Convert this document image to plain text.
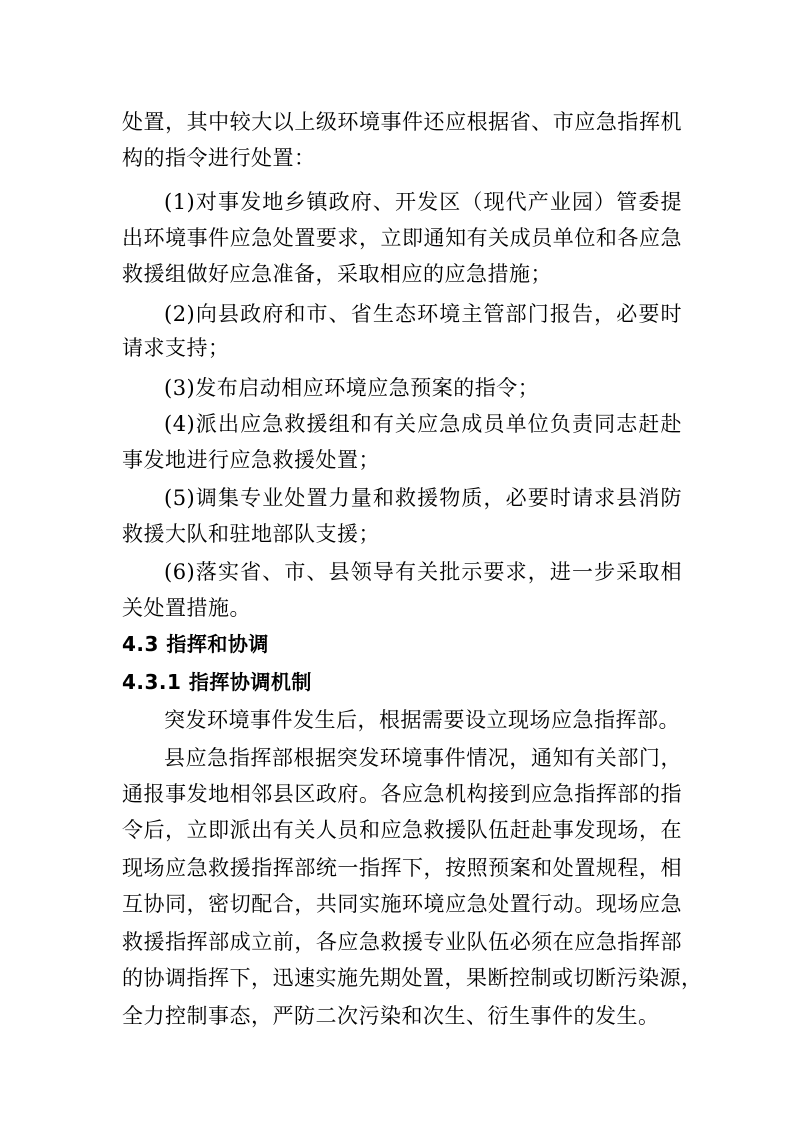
处置，其中较大以上级环境事件还应根据省、市应急指挥机
构的指令进行处置：
(1)对事发地乡镇政府、开发区（现代产业园）管委提
出环境事件应急处置要求，立即通知有关成员单位和各应急
救援组做好应急准备，采取相应的应急措施；
(2)向县政府和市、省生态环境主管部门报告，必要时
请求支持；
(3)发布启动相应环境应急预案的指令；
(4)派出应急救援组和有关应急成员单位负责同志赶赴
事发地进行应急救援处置；
(5)调集专业处置力量和救援物质，必要时请求县消防
救援大队和驻地部队支援；
(6)落实省、市、县领导有关批示要求，进一步采取相
关处置措施。
4.3 指挥和协调
4.3.1 指挥协调机制
突发环境事件发生后，根据需要设立现场应急指挥部。
县应急指挥部根据突发环境事件情况，通知有关部门，
通报事发地相邻县区政府。各应急机构接到应急指挥部的指
令后，立即派出有关人员和应急救援队伍赶赴事发现场，在
现场应急救援指挥部统一指挥下，按照预案和处置规程，相
互协同，密切配合，共同实施环境应急处置行动。现场应急
救援指挥部成立前，各应急救援专业队伍必须在应急指挥部
的协调指挥下，迅速实施先期处置，果断控制或切断污染源，
全力控制事态，严防二次污染和次生、衍生事件的发生。
